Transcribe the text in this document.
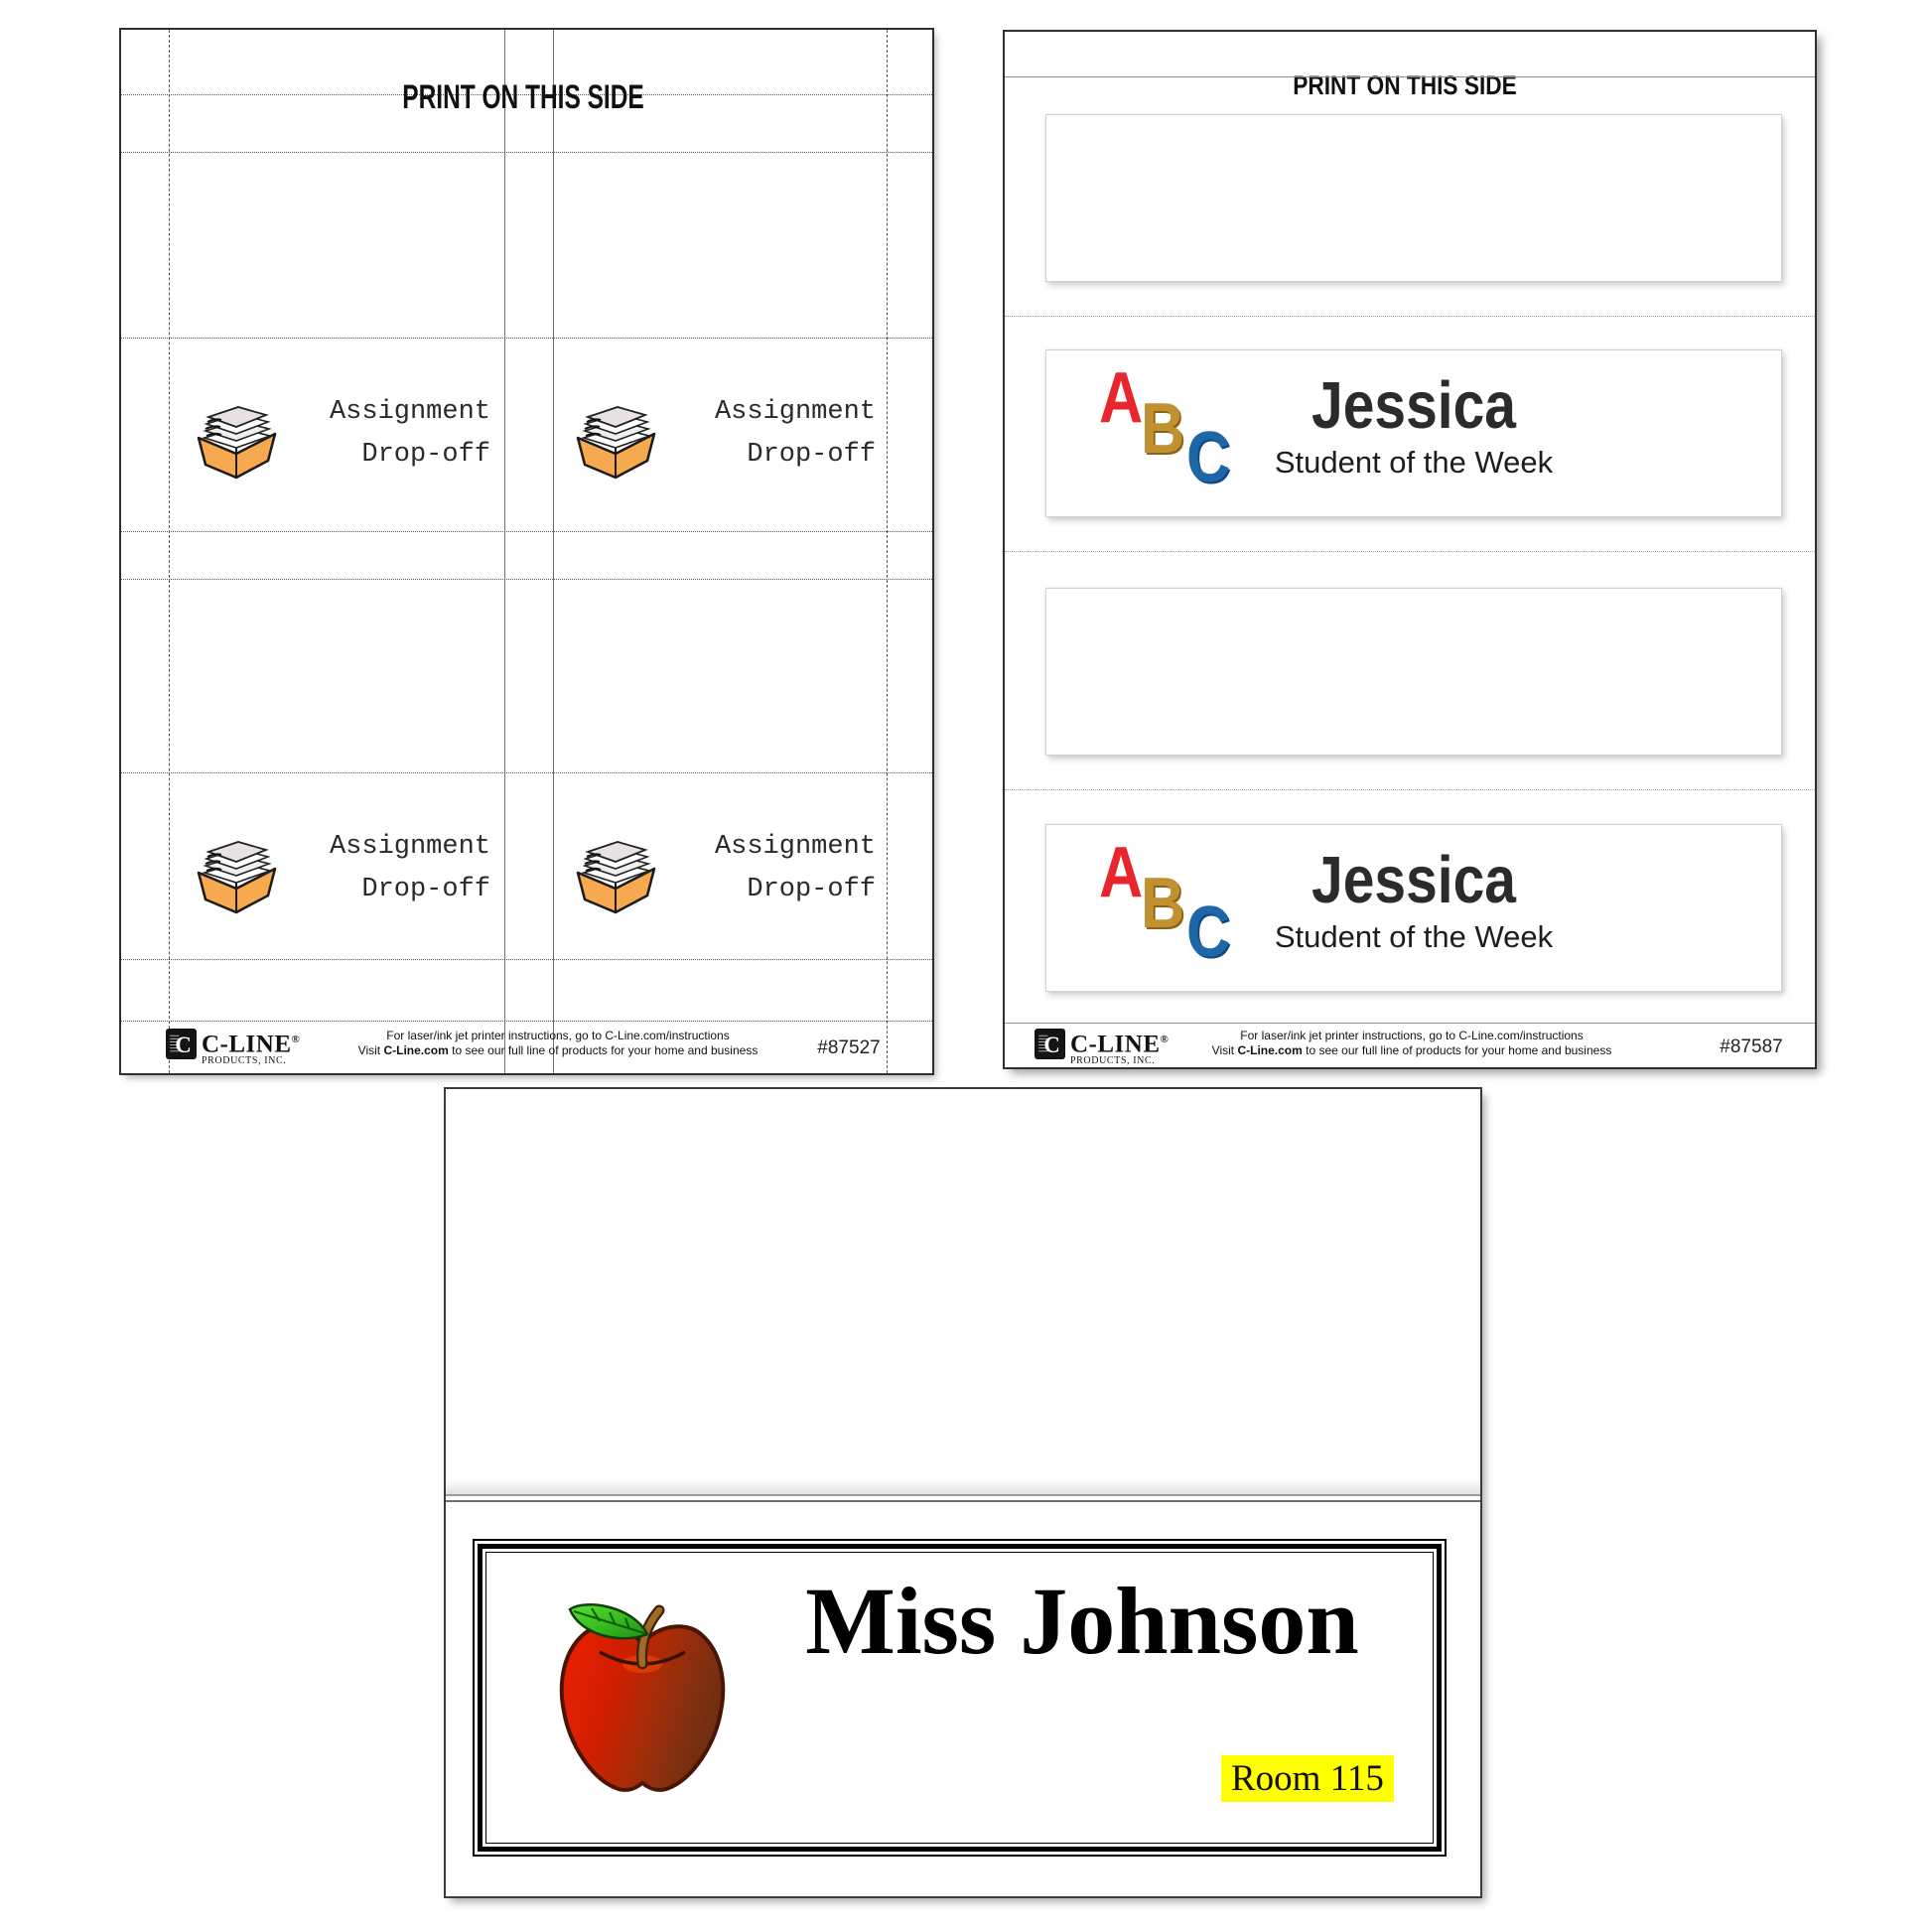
PRINT ON THIS SIDE
Assignment
Drop-off
Assignment
Drop-off
Assignment
Drop-off
Assignment
Drop-off
C C-LINE®
PRODUCTS, INC.
For laser/ink jet printer instructions, go to C-Line.com/instructions
Visit C-Line.com to see our full line of products for your home and business	#87527
PRINT ON THIS SIDE
A
B C
Jessica
Student of the Week
A
B C
Jessica
Student of the Week
C C-LINE®
PRODUCTS, INC.
For laser/ink jet printer instructions, go to C-Line.com/instructions
Visit C-Line.com to see our full line of products for your home and business	#87587
Miss Johnson
Room 115
